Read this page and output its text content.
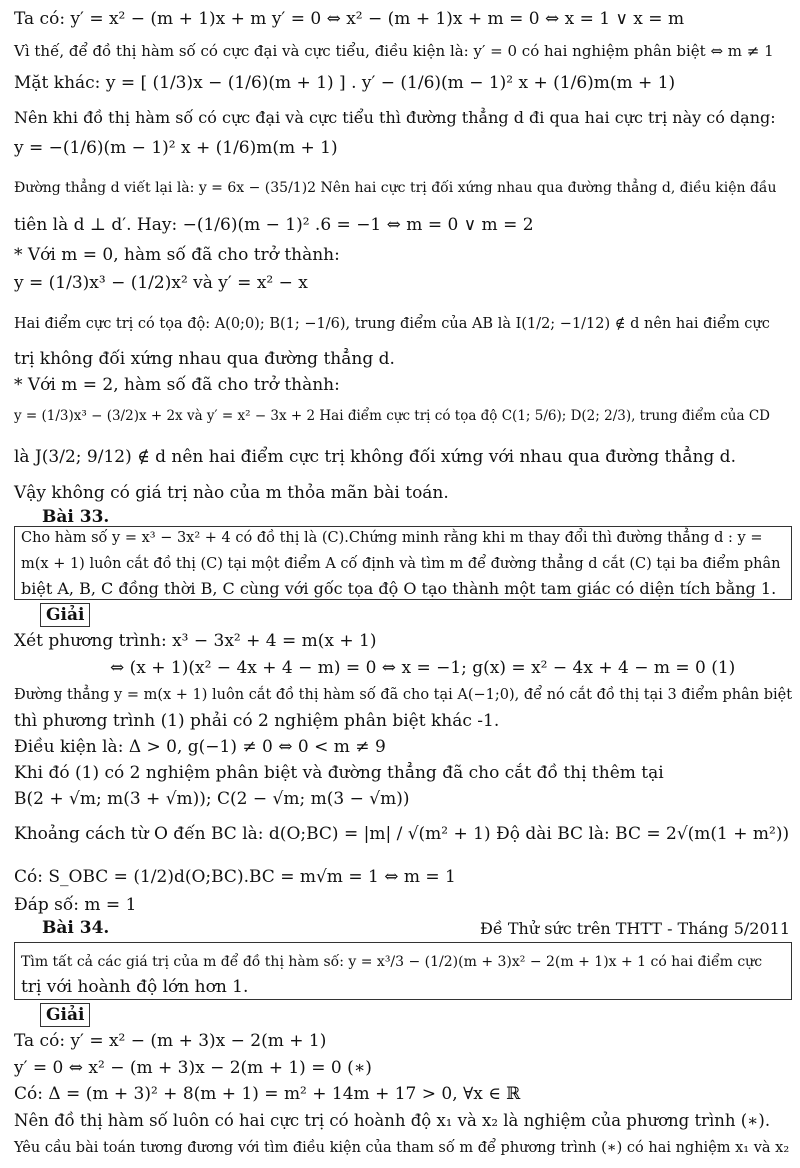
Ta có: y′ = x² − (m + 1)x + m y′ = 0 ⇔ x² − (m + 1)x + m = 0 ⇔ x = 1 ∨ x = m
Vì thế, để đồ thị hàm số có cực đại và cực tiểu, điều kiện là: y′ = 0 có hai nghiệm phân biệt ⇔ m ≠ 1
Mặt khác: y = [ (1/3)x − (1/6)(m + 1) ] . y′ − (1/6)(m − 1)² x + (1/6)m(m + 1)
Nên khi đồ thị hàm số có cực đại và cực tiểu thì đường thẳng d đi qua hai cực trị này có dạng:
y = −(1/6)(m − 1)² x + (1/6)m(m + 1)
Đường thẳng d viết lại là: y = 6x − (35/1)2 Nên hai cực trị đối xứng nhau qua đường thẳng d, điều kiện đầu
tiên là d ⊥ d′. Hay: −(1/6)(m − 1)² .6 = −1 ⇔ m = 0 ∨ m = 2
* Với m = 0, hàm số đã cho trở thành:
y = (1/3)x³ − (1/2)x² và y′ = x² − x
Hai điểm cực trị có tọa độ: A(0;0); B(1; −1/6), trung điểm của AB là I(1/2; −1/12) ∉ d nên hai điểm cực
trị không đối xứng nhau qua đường thẳng d.
* Với m = 2, hàm số đã cho trở thành:
y = (1/3)x³ − (3/2)x + 2x và y′ = x² − 3x + 2 Hai điểm cực trị có tọa độ C(1; 5/6); D(2; 2/3), trung điểm của CD
là J(3/2; 9/12) ∉ d nên hai điểm cực trị không đối xứng với nhau qua đường thẳng d.
Vậy không có giá trị nào của m thỏa mãn bài toán.
Bài 33.
Cho hàm số y = x³ − 3x² + 4 có đồ thị là (C).Chứng minh rằng khi m thay đổi thì đường thẳng d : y =
m(x + 1) luôn cắt đồ thị (C) tại một điểm A cố định và tìm m để đường thẳng d cắt (C) tại ba điểm phân
biệt A, B, C đồng thời B, C cùng với gốc tọa độ O tạo thành một tam giác có diện tích bằng 1.
Giải
Xét phương trình: x³ − 3x² + 4 = m(x + 1)
⇔ (x + 1)(x² − 4x + 4 − m) = 0 ⇔ x = −1; g(x) = x² − 4x + 4 − m = 0 (1)
Đường thẳng y = m(x + 1) luôn cắt đồ thị hàm số đã cho tại A(−1;0), để nó cắt đồ thị tại 3 điểm phân biệt
thì phương trình (1) phải có 2 nghiệm phân biệt khác -1.
Điều kiện là: Δ > 0, g(−1) ≠ 0 ⇔ 0 < m ≠ 9
Khi đó (1) có 2 nghiệm phân biệt và đường thẳng đã cho cắt đồ thị thêm tại
B(2 + √m; m(3 + √m)); C(2 − √m; m(3 − √m))
Khoảng cách từ O đến BC là: d(O;BC) = |m| / √(m² + 1) Độ dài BC là: BC = 2√(m(1 + m²))
Có: S_OBC = (1/2)d(O;BC).BC = m√m = 1 ⇔ m = 1
Đáp số: m = 1
Bài 34.	Đề Thử sức trên THTT - Tháng 5/2011
Tìm tất cả các giá trị của m để đồ thị hàm số: y = x³/3 − (1/2)(m + 3)x² − 2(m + 1)x + 1 có hai điểm cực
trị với hoành độ lớn hơn 1.
Giải
Ta có: y′ = x² − (m + 3)x − 2(m + 1)
y′ = 0 ⇔ x² − (m + 3)x − 2(m + 1) = 0 (∗)
Có: Δ = (m + 3)² + 8(m + 1) = m² + 14m + 17 > 0, ∀x ∈ ℝ
Nên đồ thị hàm số luôn có hai cực trị có hoành độ x₁ và x₂ là nghiệm của phương trình (∗).
Yêu cầu bài toán tương đương với tìm điều kiện của tham số m để phương trình (∗) có hai nghiệm x₁ và x₂
